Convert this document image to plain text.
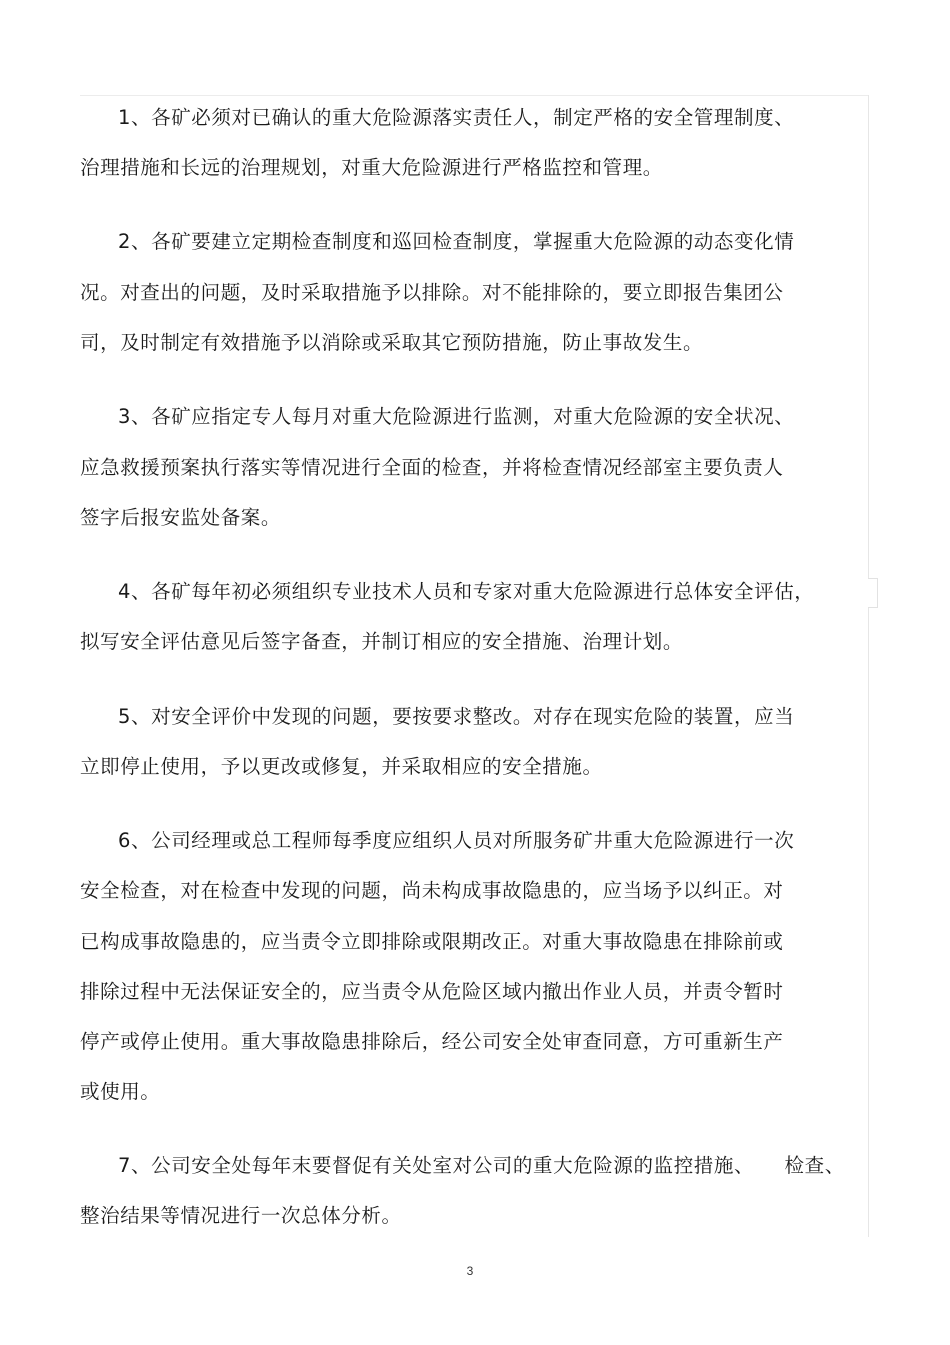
1、各矿必须对已确认的重大危险源落实责任人，制定严格的安全管理制度、
治理措施和长远的治理规划，对重大危险源进行严格监控和管理。
2、各矿要建立定期检查制度和巡回检查制度，掌握重大危险源的动态变化情
况。对查出的问题，及时采取措施予以排除。对不能排除的，要立即报告集团公
司，及时制定有效措施予以消除或采取其它预防措施，防止事故发生。
3、各矿应指定专人每月对重大危险源进行监测，对重大危险源的安全状况、
应急救援预案执行落实等情况进行全面的检查，并将检查情况经部室主要负责人
签字后报安监处备案。
4、各矿每年初必须组织专业技术人员和专家对重大危险源进行总体安全评估，
拟写安全评估意见后签字备查，并制订相应的安全措施、治理计划。
5、对安全评价中发现的问题，要按要求整改。对存在现实危险的装置，应当
立即停止使用，予以更改或修复，并采取相应的安全措施。
6、公司经理或总工程师每季度应组织人员对所服务矿井重大危险源进行一次
安全检查，对在检查中发现的问题，尚未构成事故隐患的，应当场予以纠正。对
已构成事故隐患的，应当责令立即排除或限期改正。对重大事故隐患在排除前或
排除过程中无法保证安全的，应当责令从危险区域内撤出作业人员，并责令暂时
停产或停止使用。重大事故隐患排除后，经公司安全处审查同意，方可重新生产
或使用。
7、公司安全处每年末要督促有关处室对公司的重大危险源的监控措施、　　检查、
整治结果等情况进行一次总体分析。
3
